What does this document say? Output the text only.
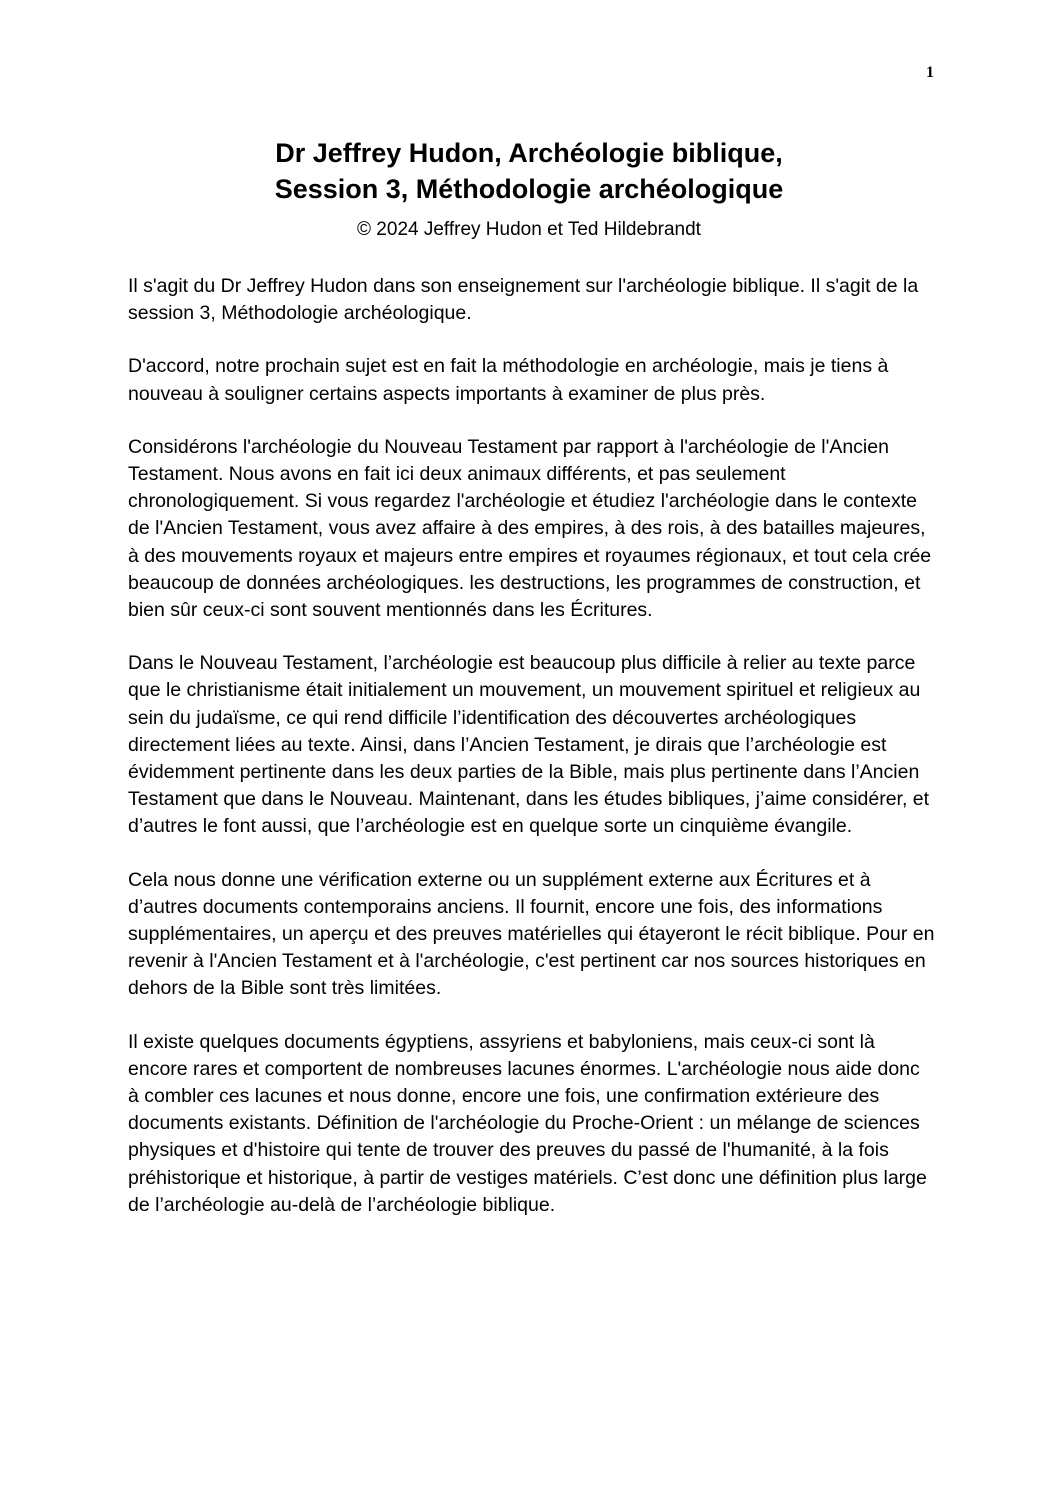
1
Dr Jeffrey Hudon, Archéologie biblique,
Session 3, Méthodologie archéologique
© 2024 Jeffrey Hudon et Ted Hildebrandt

Il s'agit du Dr Jeffrey Hudon dans son enseignement sur l'archéologie biblique. Il s'agit de la session 3, Méthodologie archéologique.

D'accord, notre prochain sujet est en fait la méthodologie en archéologie, mais je tiens à nouveau à souligner certains aspects importants à examiner de plus près.

Considérons l'archéologie du Nouveau Testament par rapport à l'archéologie de l'Ancien Testament. Nous avons en fait ici deux animaux différents, et pas seulement chronologiquement. Si vous regardez l'archéologie et étudiez l'archéologie dans le contexte de l'Ancien Testament, vous avez affaire à des empires, à des rois, à des batailles majeures, à des mouvements royaux et majeurs entre empires et royaumes régionaux, et tout cela crée beaucoup de données archéologiques. les destructions, les programmes de construction, et bien sûr ceux-ci sont souvent mentionnés dans les Écritures.

Dans le Nouveau Testament, l’archéologie est beaucoup plus difficile à relier au texte parce que le christianisme était initialement un mouvement, un mouvement spirituel et religieux au sein du judaïsme, ce qui rend difficile l’identification des découvertes archéologiques directement liées au texte. Ainsi, dans l’Ancien Testament, je dirais que l’archéologie est évidemment pertinente dans les deux parties de la Bible, mais plus pertinente dans l’Ancien Testament que dans le Nouveau. Maintenant, dans les études bibliques, j’aime considérer, et d’autres le font aussi, que l’archéologie est en quelque sorte un cinquième évangile.

Cela nous donne une vérification externe ou un supplément externe aux Écritures et à d’autres documents contemporains anciens. Il fournit, encore une fois, des informations supplémentaires, un aperçu et des preuves matérielles qui étayeront le récit biblique. Pour en revenir à l'Ancien Testament et à l'archéologie, c'est pertinent car nos sources historiques en dehors de la Bible sont très limitées.

Il existe quelques documents égyptiens, assyriens et babyloniens, mais ceux-ci sont là encore rares et comportent de nombreuses lacunes énormes. L'archéologie nous aide donc à combler ces lacunes et nous donne, encore une fois, une confirmation extérieure des documents existants. Définition de l'archéologie du Proche-Orient : un mélange de sciences physiques et d'histoire qui tente de trouver des preuves du passé de l'humanité, à la fois préhistorique et historique, à partir de vestiges matériels. C’est donc une définition plus large de l’archéologie au-delà de l’archéologie biblique.
